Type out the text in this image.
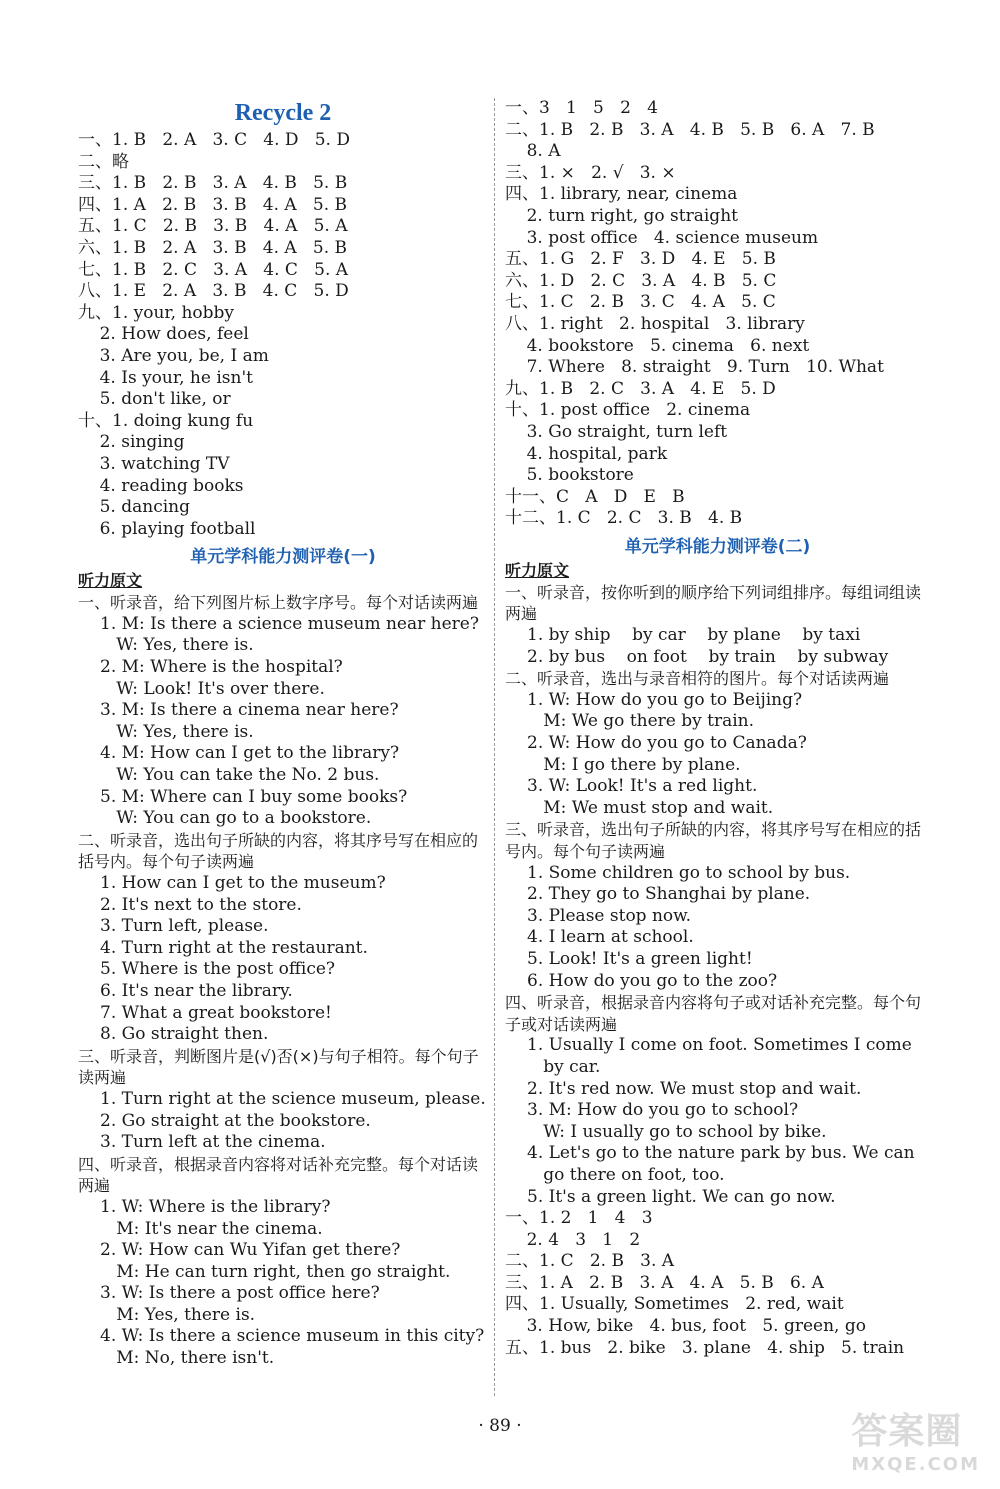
Recycle 2
一、1. B   2. A   3. C   4. D   5. D
二、略
三、1. B   2. B   3. A   4. B   5. B
四、1. A   2. B   3. B   4. A   5. B
五、1. C   2. B   3. B   4. A   5. A
六、1. B   2. A   3. B   4. A   5. B
七、1. B   2. C   3. A   4. C   5. A
八、1. E   2. A   3. B   4. C   5. D
九、1. your, hobby
2. How does, feel
3. Are you, be, I am
4. Is your, he isn't
5. don't like, or
十、1. doing kung fu
2. singing
3. watching TV
4. reading books
5. dancing
6. playing football
单元学科能力测评卷(一)
听力原文
一、听录音，给下列图片标上数字序号。每个对话读两遍
1. M: Is there a science museum near here?
W: Yes, there is.
2. M: Where is the hospital?
W: Look! It's over there.
3. M: Is there a cinema near here?
W: Yes, there is.
4. M: How can I get to the library?
W: You can take the No. 2 bus.
5. M: Where can I buy some books?
W: You can go to a bookstore.
二、听录音，选出句子所缺的内容，将其序号写在相应的括号内。每个句子读两遍
1. How can I get to the museum?
2. It's next to the store.
3. Turn left, please.
4. Turn right at the restaurant.
5. Where is the post office?
6. It's near the library.
7. What a great bookstore!
8. Go straight then.
三、听录音，判断图片是(√)否(×)与句子相符。每个句子读两遍
1. Turn right at the science museum, please.
2. Go straight at the bookstore.
3. Turn left at the cinema.
四、听录音，根据录音内容将对话补充完整。每个对话读两遍
1. W: Where is the library?
M: It's near the cinema.
2. W: How can Wu Yifan get there?
M: He can turn right, then go straight.
3. W: Is there a post office here?
M: Yes, there is.
4. W: Is there a science museum in this city?
M: No, there isn't.
一、3   1   5   2   4
二、1. B   2. B   3. A   4. B   5. B   6. A   7. B
8. A
三、1. ×   2. √   3. ×
四、1. library, near, cinema
2. turn right, go straight
3. post office   4. science museum
五、1. G   2. F   3. D   4. E   5. B
六、1. D   2. C   3. A   4. B   5. C
七、1. C   2. B   3. C   4. A   5. C
八、1. right   2. hospital   3. library
4. bookstore   5. cinema   6. next
7. Where   8. straight   9. Turn   10. What
九、1. B   2. C   3. A   4. E   5. D
十、1. post office   2. cinema
3. Go straight, turn left
4. hospital, park
5. bookstore
十一、C   A   D   E   B
十二、1. C   2. C   3. B   4. B
单元学科能力测评卷(二)
听力原文
一、听录音，按你听到的顺序给下列词组排序。每组词组读两遍
1. by ship    by car    by plane    by taxi
2. by bus    on foot    by train    by subway
二、听录音，选出与录音相符的图片。每个对话读两遍
1. W: How do you go to Beijing?
M: We go there by train.
2. W: How do you go to Canada?
M: I go there by plane.
3. W: Look! It's a red light.
M: We must stop and wait.
三、听录音，选出句子所缺的内容，将其序号写在相应的括号内。每个句子读两遍
1. Some children go to school by bus.
2. They go to Shanghai by plane.
3. Please stop now.
4. I learn at school.
5. Look! It's a green light!
6. How do you go to the zoo?
四、听录音，根据录音内容将句子或对话补充完整。每个句子或对话读两遍
1. Usually I come on foot. Sometimes I come
by car.
2. It's red now. We must stop and wait.
3. M: How do you go to school?
W: I usually go to school by bike.
4. Let's go to the nature park by bus. We can
go there on foot, too.
5. It's a green light. We can go now.
一、1. 2   1   4   3
2. 4   3   1   2
二、1. C   2. B   3. A
三、1. A   2. B   3. A   4. A   5. B   6. A
四、1. Usually, Sometimes   2. red, wait
3. How, bike   4. bus, foot   5. green, go
五、1. bus   2. bike   3. plane   4. ship   5. train
· 89 ·	答案圈
MXQE.COM
